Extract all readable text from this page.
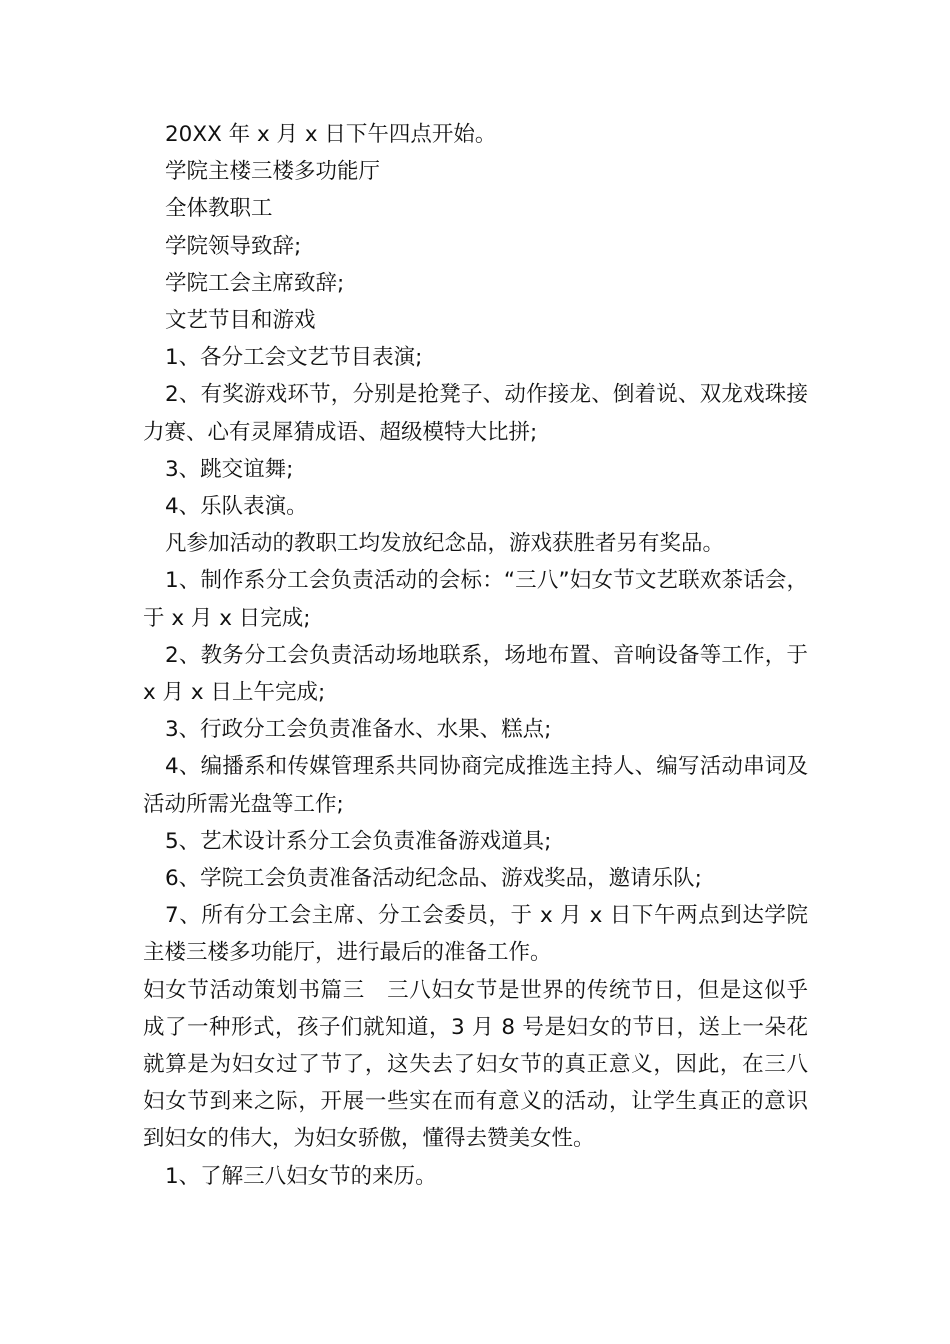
20XX 年 x 月 x 日下午四点开始。

学院主楼三楼多功能厅

全体教职工

学院领导致辞;

学院工会主席致辞;

文艺节目和游戏

1、各分工会文艺节目表演;

2、有奖游戏环节，分别是抢凳子、动作接龙、倒着说、双龙戏珠接力赛、心有灵犀猜成语、超级模特大比拼;

3、跳交谊舞;

4、乐队表演。

凡参加活动的教职工均发放纪念品，游戏获胜者另有奖品。

1、制作系分工会负责活动的会标：“三八”妇女节文艺联欢茶话会，于 x 月 x 日完成;

2、教务分工会负责活动场地联系，场地布置、音响设备等工作，于 x 月 x 日上午完成;

3、行政分工会负责准备水、水果、糕点;

4、编播系和传媒管理系共同协商完成推选主持人、编写活动串词及活动所需光盘等工作;

5、艺术设计系分工会负责准备游戏道具;

6、学院工会负责准备活动纪念品、游戏奖品，邀请乐队;

7、所有分工会主席、分工会委员，于 x 月 x 日下午两点到达学院主楼三楼多功能厅，进行最后的准备工作。

妇女节活动策划书篇三　三八妇女节是世界的传统节日，但是这似乎成了一种形式，孩子们就知道，3 月 8 号是妇女的节日，送上一朵花就算是为妇女过了节了，这失去了妇女节的真正意义，因此，在三八妇女节到来之际，开展一些实在而有意义的活动，让学生真正的意识到妇女的伟大，为妇女骄傲，懂得去赞美女性。

1、了解三八妇女节的来历。
